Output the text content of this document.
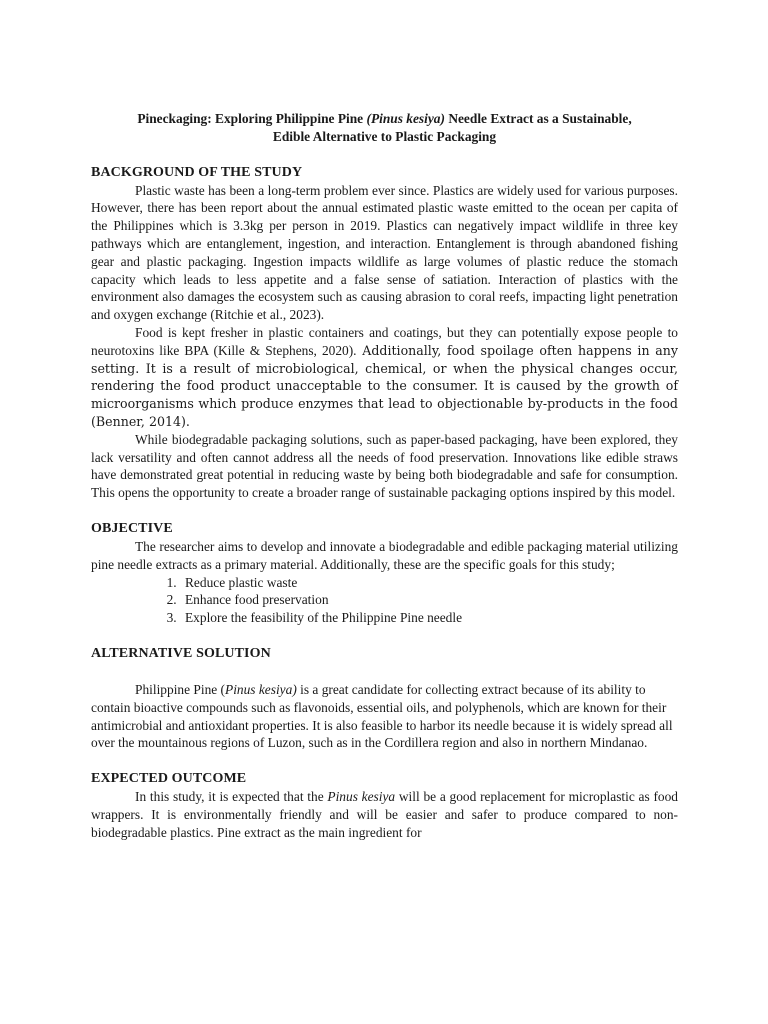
Pineckaging: Exploring Philippine Pine (Pinus kesiya) Needle Extract as a Sustainable,
Edible Alternative to Plastic Packaging
BACKGROUND OF THE STUDY

Plastic waste has been a long-term problem ever since. Plastics are widely used for various purposes. However, there has been report about the annual estimated plastic waste emitted to the ocean per capita of the Philippines which is 3.3kg per person in 2019. Plastics can negatively impact wildlife in three key pathways which are entanglement, ingestion, and interaction. Entanglement is through abandoned fishing gear and plastic packaging. Ingestion impacts wildlife as large volumes of plastic reduce the stomach capacity which leads to less appetite and a false sense of satiation. Interaction of plastics with the environment also damages the ecosystem such as causing abrasion to coral reefs, impacting light penetration and oxygen exchange (Ritchie et al., 2023).

Food is kept fresher in plastic containers and coatings, but they can potentially expose people to neurotoxins like BPA (Kille & Stephens, 2020). Additionally, food spoilage often happens in any setting. It is a result of microbiological, chemical, or when the physical changes occur, rendering the food product unacceptable to the consumer. It is caused by the growth of microorganisms which produce enzymes that lead to objectionable by-products in the food (Benner, 2014).

While biodegradable packaging solutions, such as paper-based packaging, have been explored, they lack versatility and often cannot address all the needs of food preservation. Innovations like edible straws have demonstrated great potential in reducing waste by being both biodegradable and safe for consumption. This opens the opportunity to create a broader range of sustainable packaging options inspired by this model.

OBJECTIVE

The researcher aims to develop and innovate a biodegradable and edible packaging material utilizing pine needle extracts as a primary material. Additionally, these are the specific goals for this study;

1. Reduce plastic waste
2. Enhance food preservation
3. Explore the feasibility of the Philippine Pine needle
ALTERNATIVE SOLUTION

Philippine Pine (Pinus kesiya) is a great candidate for collecting extract because of its ability to contain bioactive compounds such as flavonoids, essential oils, and polyphenols, which are known for their antimicrobial and antioxidant properties. It is also feasible to harbor its needle because it is widely spread all over the mountainous regions of Luzon, such as in the Cordillera region and also in northern Mindanao.

EXPECTED OUTCOME

In this study, it is expected that the Pinus kesiya will be a good replacement for microplastic as food wrappers. It is environmentally friendly and will be easier and safer to produce compared to non-biodegradable plastics. Pine extract as the main ingredient for
